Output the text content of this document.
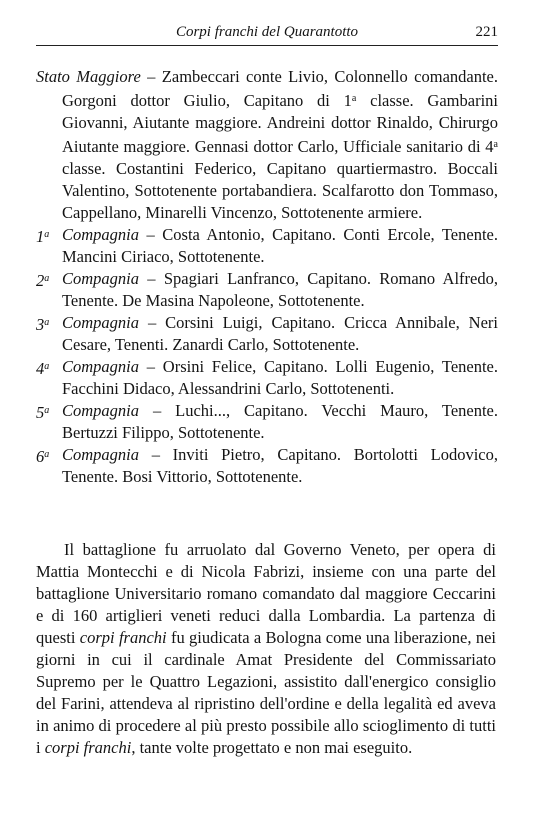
Corpi franchi del Quarantotto	221

Stato Maggiore – Zambeccari conte Livio, Colonnello comandante. Gorgoni dottor Giulio, Capitano di 1$^a$ classe. Gambarini Giovanni, Aiutante maggiore. Andreini dottor Rinaldo, Chirurgo Aiutante maggiore. Gennasi dottor Carlo, Ufficiale sanitario di 4$^a$ classe. Costantini Federico, Capitano quartiermastro. Boccali Valentino, Sottotenente portabandiera. Scalfarotto don Tommaso, Cappellano, Minarelli Vincenzo, Sottotenente armiere.

1$^a$ Compagnia – Costa Antonio, Capitano. Conti Ercole, Tenente. Mancini Ciriaco, Sottotenente.

2$^a$ Compagnia – Spagiari Lanfranco, Capitano. Romano Alfredo, Tenente. De Masina Napoleone, Sottotenente.

3$^a$ Compagnia – Corsini Luigi, Capitano. Cricca Annibale, Neri Cesare, Tenenti. Zanardi Carlo, Sottotenente.

4$^a$ Compagnia – Orsini Felice, Capitano. Lolli Eugenio, Tenente. Facchini Didaco, Alessandrini Carlo, Sottotenenti.

5$^a$ Compagnia – Luchi..., Capitano. Vecchi Mauro, Tenente. Bertuzzi Filippo, Sottotenente.

6$^a$ Compagnia – Inviti Pietro, Capitano. Bortolotti Lodovico, Tenente. Bosi Vittorio, Sottotenente.

Il battaglione fu arruolato dal Governo Veneto, per opera di Mattia Montecchi e di Nicola Fabrizi, insieme con una parte del battaglione Universitario romano comandato dal maggiore Ceccarini e di 160 artiglieri veneti reduci dalla Lombardia. La partenza di questi corpi franchi fu giudicata a Bologna come una liberazione, nei giorni in cui il cardinale Amat Presidente del Commissariato Supremo per le Quattro Legazioni, assistito dall'energico consiglio del Farini, attendeva al ripristino dell'ordine e della legalità ed aveva in animo di procedere al più presto possibile allo scioglimento di tutti i corpi franchi, tante volte progettato e non mai eseguito.
